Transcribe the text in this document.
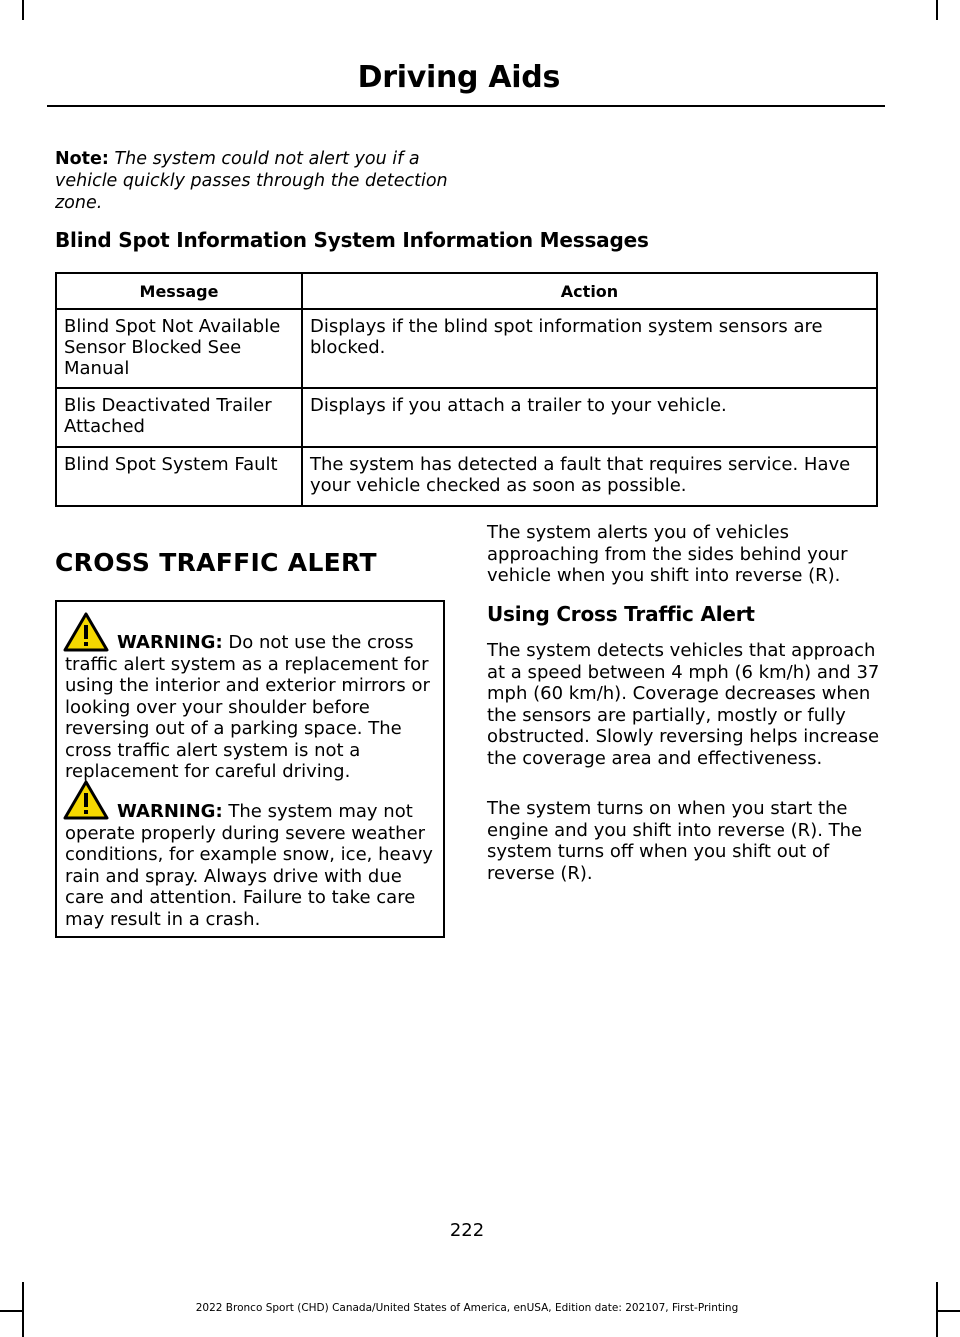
Driving Aids
Note: The system could not alert you if a vehicle quickly passes through the detection zone.
Blind Spot Information System Information Messages
Message	Action
Blind Spot Not Available Sensor Blocked See Manual	Displays if the blind spot information system sensors are blocked.
Blis Deactivated Trailer Attached	Displays if you attach a trailer to your vehicle.
Blind Spot System Fault	The system has detected a fault that requires service. Have your vehicle checked as soon as possible.
CROSS TRAFFIC ALERT
WARNING: Do not use the cross traffic alert system as a replacement for using the interior and exterior mirrors or looking over your shoulder before reversing out of a parking space. The cross traffic alert system is not a replacement for careful driving.
WARNING: The system may not operate properly during severe weather conditions, for example snow, ice, heavy rain and spray. Always drive with due care and attention. Failure to take care may result in a crash.
The system alerts you of vehicles approaching from the sides behind your vehicle when you shift into reverse (R).
Using Cross Traffic Alert
The system detects vehicles that approach at a speed between 4 mph (6 km/h) and 37 mph (60 km/h). Coverage decreases when the sensors are partially, mostly or fully obstructed. Slowly reversing helps increase the coverage area and effectiveness.
The system turns on when you start the engine and you shift into reverse (R). The system turns off when you shift out of reverse (R).
222
2022 Bronco Sport (CHD) Canada/United States of America, enUSA, Edition date: 202107, First-Printing
